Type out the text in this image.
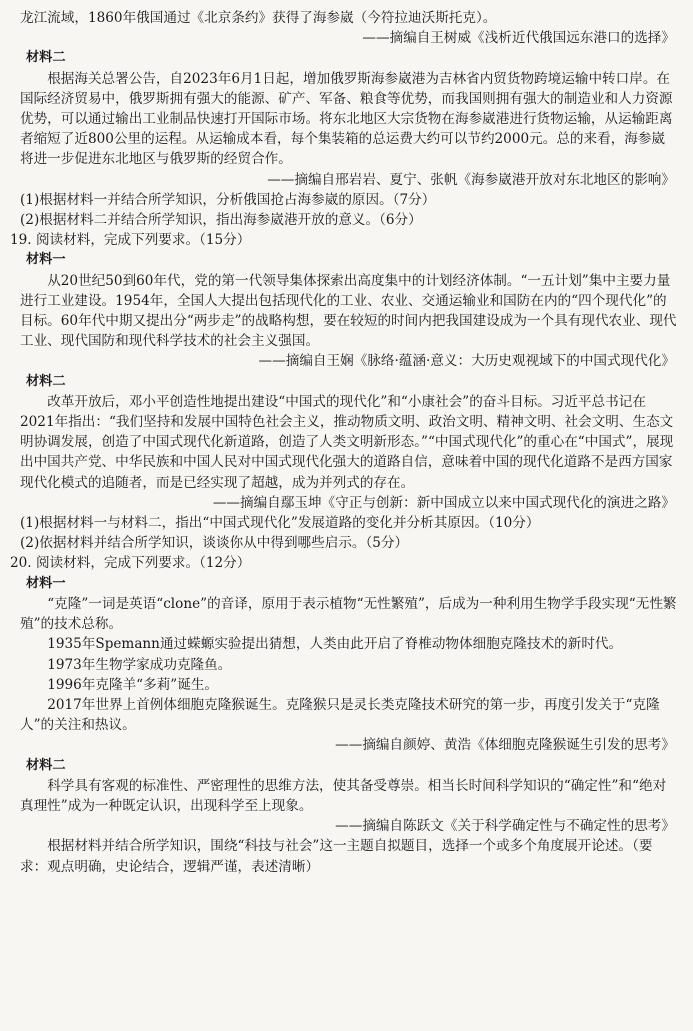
龙江流域，1860年俄国通过《北京条约》获得了海参崴（今符拉迪沃斯托克）。

——摘编自王树威《浅析近代俄国远东港口的选择》

材料二

根据海关总署公告，自2023年6月1日起，增加俄罗斯海参崴港为吉林省内贸货物跨境运输中转口岸。在国际经济贸易中，俄罗斯拥有强大的能源、矿产、军备、粮食等优势，而我国则拥有强大的制造业和人力资源优势，可以通过输出工业制品快速打开国际市场。将东北地区大宗货物在海参崴港进行货物运输，从运输距离者缩短了近800公里的运程。从运输成本看，每个集装箱的总运费大约可以节约2000元。总的来看，海参崴将进一步促进东北地区与俄罗斯的经贸合作。

——摘编自邢岩岩、夏宁、张帆《海参崴港开放对东北地区的影响》

(1)根据材料一并结合所学知识，分析俄国抢占海参崴的原因。（7分）

(2)根据材料二并结合所学知识，指出海参崴港开放的意义。（6分）

19. 阅读材料，完成下列要求。（15分）

材料一

从20世纪50到60年代，党的第一代领导集体探索出高度集中的计划经济体制。“一五计划”集中主要力量进行工业建设。1954年，全国人大提出包括现代化的工业、农业、交通运输业和国防在内的“四个现代化”的目标。60年代中期又提出分“两步走”的战略构想，要在较短的时间内把我国建设成为一个具有现代农业、现代工业、现代国防和现代科学技术的社会主义强国。

——摘编自王娴《脉络·蕴涵·意义：大历史观视域下的中国式现代化》

材料二

改革开放后，邓小平创造性地提出建设“中国式的现代化”和“小康社会”的奋斗目标。习近平总书记在2021年指出：“我们坚持和发展中国特色社会主义，推动物质文明、政治文明、精神文明、社会文明、生态文明协调发展，创造了中国式现代化新道路，创造了人类文明新形态。”“中国式现代化”的重心在“中国式”，展现出中国共产党、中华民族和中国人民对中国式现代化强大的道路自信，意味着中国的现代化道路不是西方国家现代化模式的追随者，而是已经实现了超越，成为并列式的存在。

——摘编自鄢玉坤《守正与创新：新中国成立以来中国式现代化的演进之路》

(1)根据材料一与材料二，指出“中国式现代化”发展道路的变化并分析其原因。（10分）

(2)依据材料并结合所学知识，谈谈你从中得到哪些启示。（5分）

20. 阅读材料，完成下列要求。（12分）

材料一

“克隆”一词是英语“clone”的音译，原用于表示植物“无性繁殖”，后成为一种利用生物学手段实现“无性繁殖”的技术总称。

1935年Spemann通过蝾螈实验提出猜想，人类由此开启了脊椎动物体细胞克隆技术的新时代。

1973年生物学家成功克隆鱼。

1996年克隆羊“多莉”诞生。

2017年世界上首例体细胞克隆猴诞生。克隆猴只是灵长类克隆技术研究的第一步，再度引发关于“克隆人”的关注和热议。

——摘编自颜婷、黄浩《体细胞克隆猴诞生引发的思考》

材料二

科学具有客观的标准性、严密理性的思维方法，使其备受尊崇。相当长时间科学知识的“确定性”和“绝对真理性”成为一种既定认识，出现科学至上现象。

——摘编自陈跃文《关于科学确定性与不确定性的思考》

根据材料并结合所学知识，围绕“科技与社会”这一主题自拟题目，选择一个或多个角度展开论述。（要求：观点明确，史论结合，逻辑严谨，表述清晰）
